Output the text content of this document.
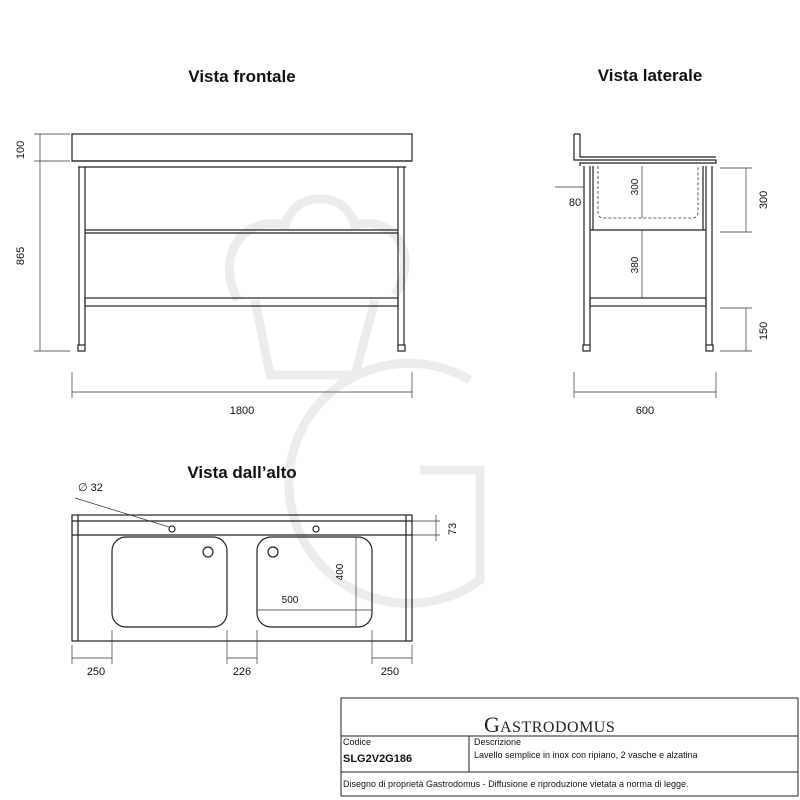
Vista frontale
100
865
1800
Vista laterale
300
380
300
150
80
600
Vista dall’alto
∅ 32
73
400
500
250	226	250
G ASTRODOMUS
Codice
SLG2V2G186
Descrizione
Lavello semplice in inox con ripiano, 2 vasche e alzatina
Disegno di proprietà Gastrodomus - Diffusione e riproduzione vietata a norma di legge.
